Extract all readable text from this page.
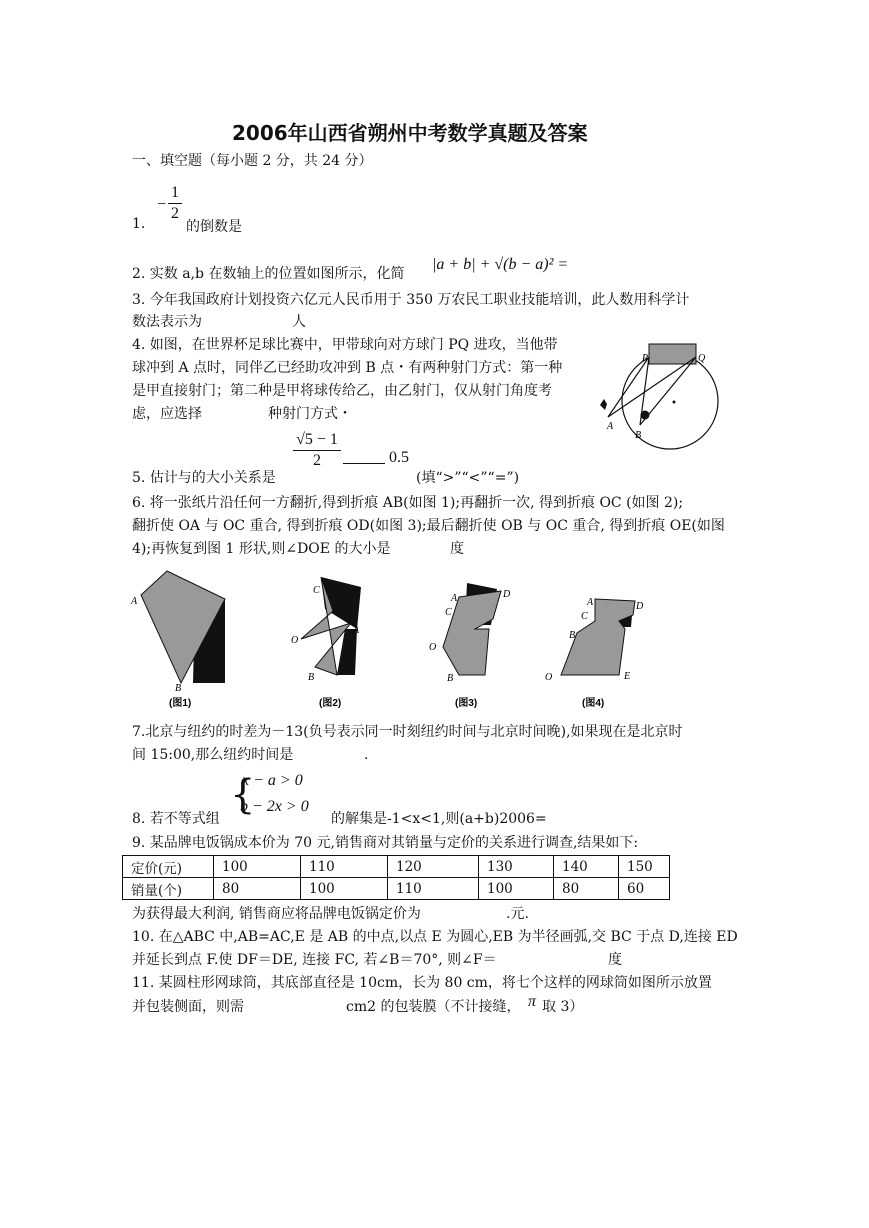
2006年山西省朔州中考数学真题及答案
一、填空题（每小题 2 分，共 24 分）
1.
−
1
2
的倒数是
2. 实数 a,b 在数轴上的位置如图所示，化简
|a + b| + √(b − a)² =
3. 今年我国政府计划投资六亿元人民币用于 350 万农民工职业技能培训，此人数用科学计
数法表示为	人
4. 如图，在世界杯足球比赛中，甲带球向对方球门 PQ 进攻，当他带
球冲到 A 点时，同伴乙已经助攻冲到 B 点・有两种射门方式：第一种
是甲直接射门；第二种是甲将球传给乙，由乙射门，仅从射门角度考
虑，应选择	种射门方式・
P	Q
A
B
5. 估计与的大小关系是
√5 − 1
2	0.5
(填“>”“<”“=”)
6. 将一张纸片沿任何一方翻折,得到折痕 AB(如图 1);再翻折一次, 得到折痕 OC (如图 2);
翻折使 OA 与 OC 重合, 得到折痕 OD(如图 3);最后翻折使 OB 与 OC 重合, 得到折痕 OE(如图
4);再恢复到图 1 形状,则∠DOE 的大小是	度
A
B
(图1)
C
O
A
B
(图2)
A	D
C
O
B
(图3)
A	D
C
B
O	E
(图4)
7.北京与纽约的时差为－13(负号表示同一时刻纽约时间与北京时间晚),如果现在是北京时
间 15:00,那么纽约时间是	.
8. 若不等式组
{
x − a > 0
b − 2x > 0
的解集是-1<x<1,则(a+b)2006=
9. 某品牌电饭锅成本价为 70 元,销售商对其销量与定价的关系进行调查,结果如下:
定价(元)	100	110	120	130	140	150
销量(个)	80	100	110	100	80	60
为获得最大利润, 销售商应将品牌电饭锅定价为	.元.
10. 在△ABC 中,AB=AC,E 是 AB 的中点,以点 E 为圆心,EB 为半径画弧,交 BC 于点 D,连接 ED
并延长到点 F.使 DF＝DE, 连接 FC, 若∠B＝70°, 则∠F＝	度
11. 某圆柱形网球筒，其底部直径是 10cm，长为 80 cm，将七个这样的网球筒如图所示放置
并包装侧面，则需	cm2 的包装膜（不计接缝， π 取 3）
